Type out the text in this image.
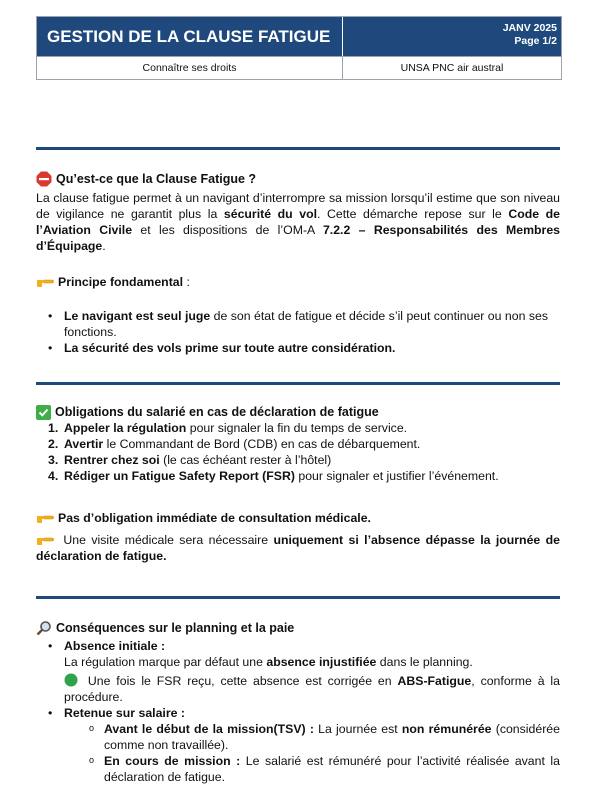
GESTION DE LA CLAUSE FATIGUE	JANV 2025
Page 1/2
Connaître ses droits	UNSA PNC air austral
Qu’est-ce que la Clause Fatigue ?
La clause fatigue permet à un navigant d’interrompre sa mission lorsqu’il estime que son niveau de vigilance ne garantit plus la sécurité du vol. Cette démarche repose sur le Code de l’Aviation Civile et les dispositions de l’OM-A 7.2.2 – Responsabilités des Membres d’Équipage.
Principe fondamental :
• Le navigant est seul juge de son état de fatigue et décide s’il peut continuer ou non ses fonctions.
• La sécurité des vols prime sur toute autre considération.
Obligations du salarié en cas de déclaration de fatigue
1. Appeler la régulation pour signaler la fin du temps de service.
2. Avertir le Commandant de Bord (CDB) en cas de débarquement.
3. Rentrer chez soi (le cas échéant rester à l’hôtel)
4. Rédiger un Fatigue Safety Report (FSR) pour signaler et justifier l’événement.
Pas d’obligation immédiate de consultation médicale.
Une visite médicale sera nécessaire uniquement si l’absence dépasse la journée de déclaration de fatigue.
Conséquences sur le planning et la paie
• Absence initiale :
La régulation marque par défaut une absence injustifiée dans le planning.
Une fois le FSR reçu, cette absence est corrigée en ABS-Fatigue, conforme à la procédure.
• Retenue sur salaire :
o Avant le début de la mission(TSV) : La journée est non rémunérée (considérée comme non travaillée).
o En cours de mission : Le salarié est rémunéré pour l’activité réalisée avant la déclaration de fatigue.
